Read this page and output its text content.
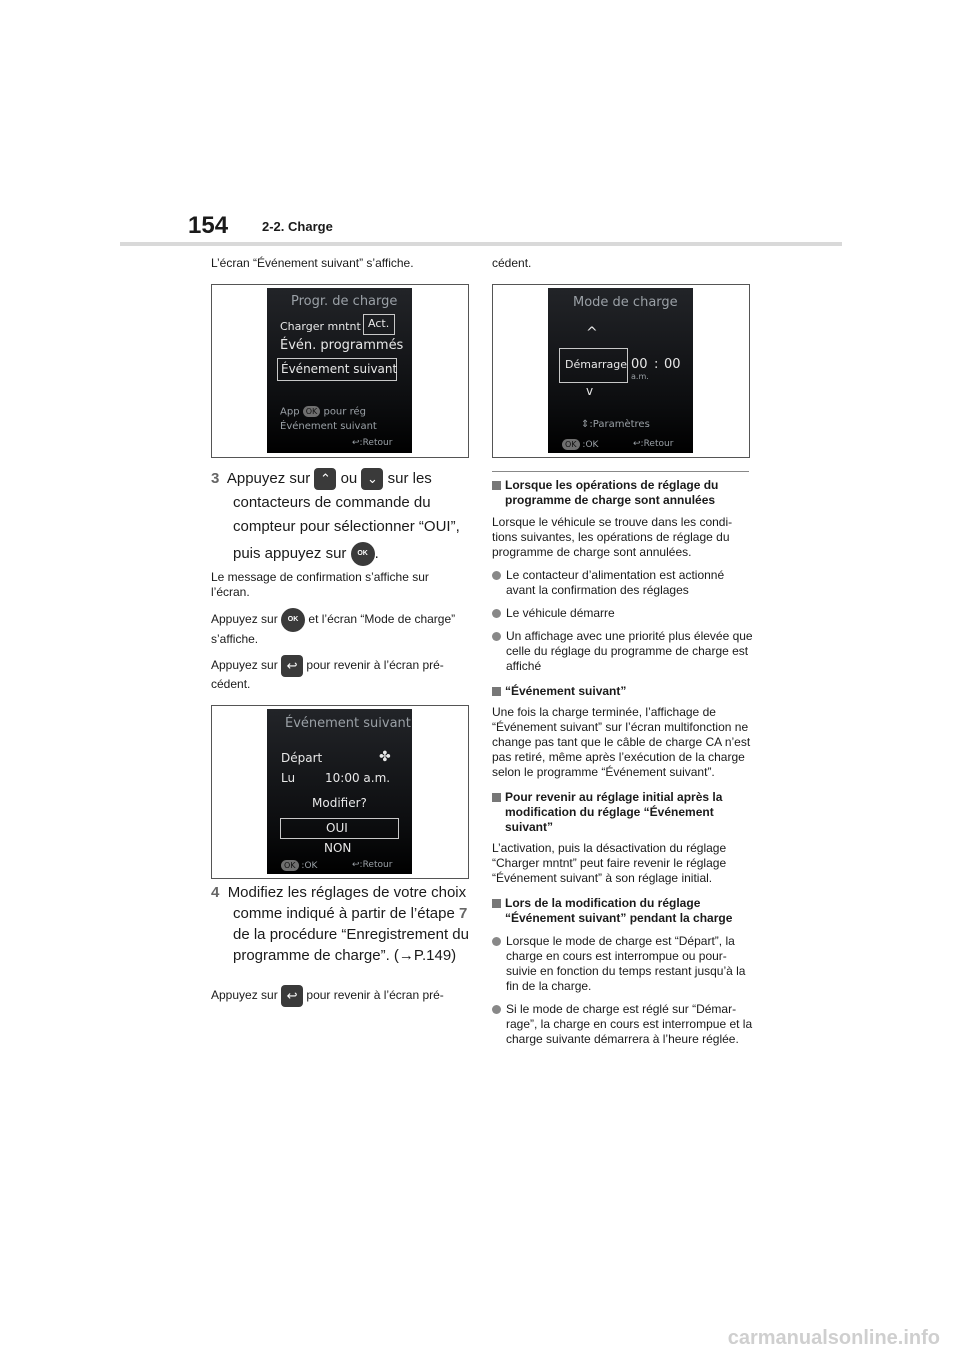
154	2-2. Charge
L’écran “Événement suivant” s’affiche.
Progr. de charge
Charger mntnt Act.
Évén. programmés
Événement suivant
App OK pour rég
Événement suivant
↩:Retour
3 Appuyez sur ⌃ ou ⌄ sur les
contacteurs de commande du
compteur pour sélectionner “OUI”,
puis appuyez sur OK .
Le message de confirmation s’affiche sur l’écran.
Appuyez sur OK et l’écran “Mode de charge” s’affiche.
Appuyez sur ↩ pour revenir à l’écran pré-cédent.
Événement suivant
Départ	✤
Lu 10:00 a.m.
Modifier?
OUI
NON
OK :OK	↩:Retour
4 Modifiez les réglages de votre choix
comme indiqué à partir de l’étape 7
de la procédure “Enregistrement du
programme de charge”. (→P.149)
Appuyez sur ↩ pour revenir à l’écran pré-
cédent.
Mode de charge
^
Démarrage 00 : 00
a.m.
v
⇕:Paramètres
OK :OK	↩:Retour
Lorsque les opérations de réglage du programme de charge sont annulées
Lorsque le véhicule se trouve dans les condi-tions suivantes, les opérations de réglage du programme de charge sont annulées.
Le contacteur d’alimentation est actionné avant la confirmation des réglages
Le véhicule démarre
Un affichage avec une priorité plus élevée que celle du réglage du programme de charge est affiché
“Événement suivant”
Une fois la charge terminée, l’affichage de “Événement suivant” sur l’écran multifonction ne change pas tant que le câble de charge CA n’est pas retiré, même après l’exécution de la charge selon le programme “Événement suivant”.
Pour revenir au réglage initial après la modification du réglage “Événement suivant”
L’activation, puis la désactivation du réglage “Charger mntnt” peut faire revenir le réglage “Événement suivant” à son réglage initial.
Lors de la modification du réglage “Événement suivant” pendant la charge
Lorsque le mode de charge est “Départ”, la charge en cours est interrompue ou pour-suivie en fonction du temps restant jusqu’à la fin de la charge.
Si le mode de charge est réglé sur “Démar-rage”, la charge en cours est interrompue et la charge suivante démarrera à l’heure réglée.
carmanualsonline.info
